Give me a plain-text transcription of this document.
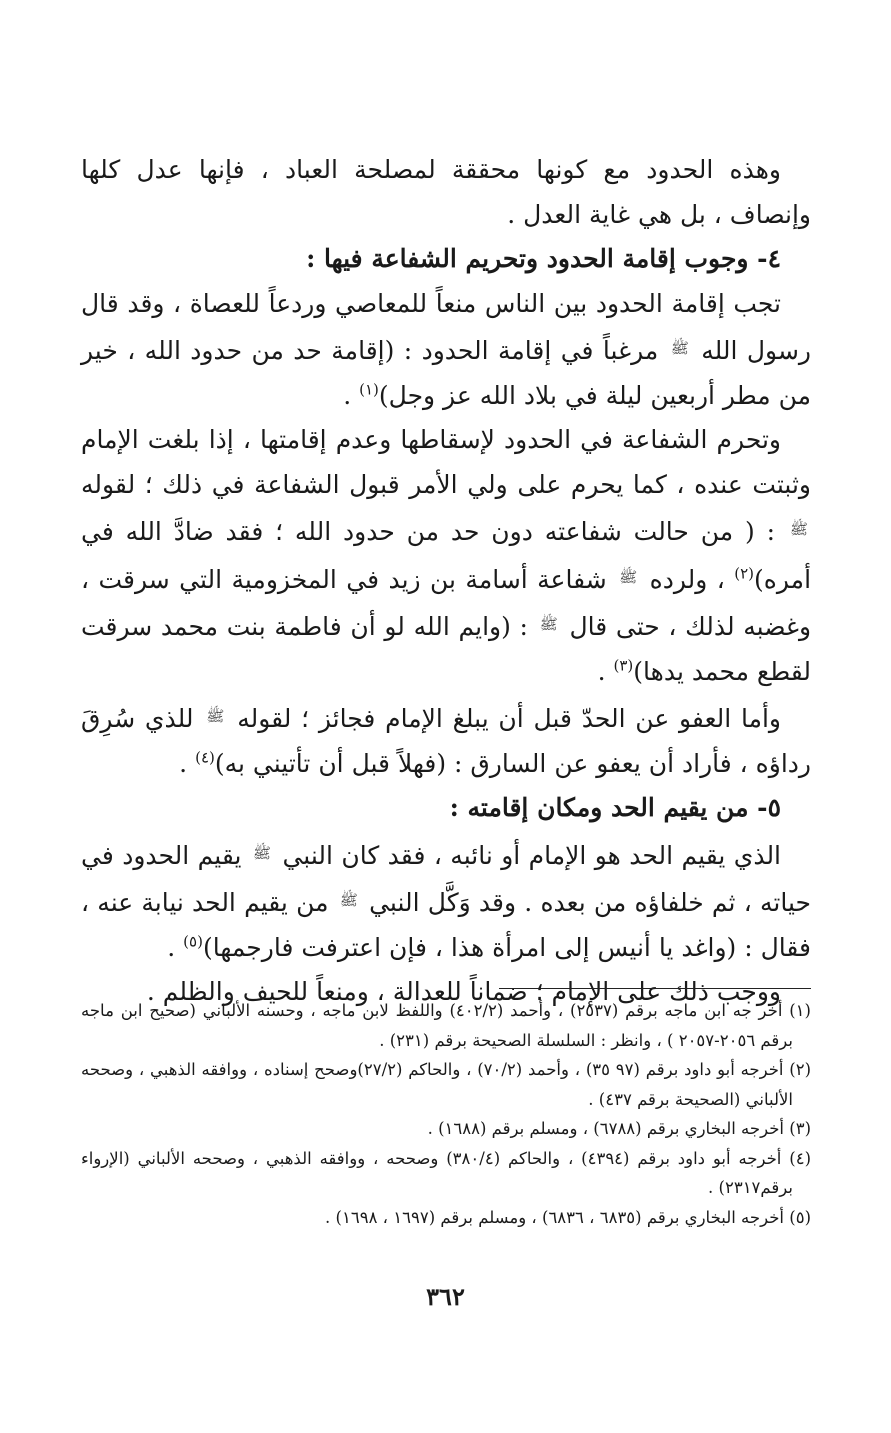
وهذه الحدود مع كونها محققة لمصلحة العباد ، فإنها عدل كلها وإنصاف ، بل هي غاية العدل .

٤- وجوب إقامة الحدود وتحريم الشفاعة فيها :

تجب إقامة الحدود بين الناس منعاً للمعاصي وردعاً للعصاة ، وقد قال رسول الله $^ﷺ$ مرغباً في إقامة الحدود : (إقامة حد من حدود الله ، خير من مطر أربعين ليلة في بلاد الله عز وجل)$^{(١)}$ .

وتحرم الشفاعة في الحدود لإسقاطها وعدم إقامتها ، إذا بلغت الإمام وثبتت عنده ، كما يحرم على ولي الأمر قبول الشفاعة في ذلك ؛ لقوله $^ﷺ$ : ( من حالت شفاعته دون حد من حدود الله ؛ فقد ضادَّ الله في أمره)$^{(٢)}$ ، ولرده $^ﷺ$ شفاعة أسامة بن زيد في المخزومية التي سرقت ، وغضبه لذلك ، حتى قال $^ﷺ$ : (وايم الله لو أن فاطمة بنت محمد سرقت لقطع محمد يدها)$^{(٣)}$ .

وأما العفو عن الحدّ قبل أن يبلغ الإمام فجائز ؛ لقوله $^ﷺ$ للذي سُرِقَ رداؤه ، فأراد أن يعفو عن السارق : (فهلاً قبل أن تأتيني به)$^{(٤)}$ .

٥- من يقيم الحد ومكان إقامته :

الذي يقيم الحد هو الإمام أو نائبه ، فقد كان النبي $^ﷺ$ يقيم الحدود في حياته ، ثم خلفاؤه من بعده . وقد وَكَّل النبي $^ﷺ$ من يقيم الحد نيابة عنه ، فقال : (واغد يا أنيس إلى امرأة هذا ، فإن اعترفت فارجمها)$^{(٥)}$ .

ووجب ذلك على الإمام ؛ ضماناً للعدالة ، ومنعاً للحيف والظلم .

(١) أخر جه ابن ماجه برقم (٢٥٣٧) ، وأحمد (٤٠٢/٢) واللفظ لابن ماجه ، وحسنه الألباني (صحيح ابن ماجه برقم ٢٠٥٦-٢٠٥٧ ) ، وانظر : السلسلة الصحيحة برقم (٢٣١) .

(٢) أخرجه أبو داود برقم (٩٧ ٣٥) ، وأحمد (٧٠/٢) ، والحاكم (٢٧/٢)وصحح إسناده ، ووافقه الذهبي ، وصححه الألباني (الصحيحة برقم ٤٣٧) .

(٣) أخرجه البخاري برقم (٦٧٨٨) ، ومسلم برقم (١٦٨٨) .

(٤) أخرجه أبو داود برقم (٤٣٩٤) ، والحاكم (٣٨٠/٤) وصححه ، ووافقه الذهبي ، وصححه الألباني (الإرواء برقم٢٣١٧) .

(٥) أخرجه البخاري برقم (٦٨٣٥ ، ٦٨٣٦) ، ومسلم برقم (١٦٩٧ ، ١٦٩٨) .

٣٦٢
